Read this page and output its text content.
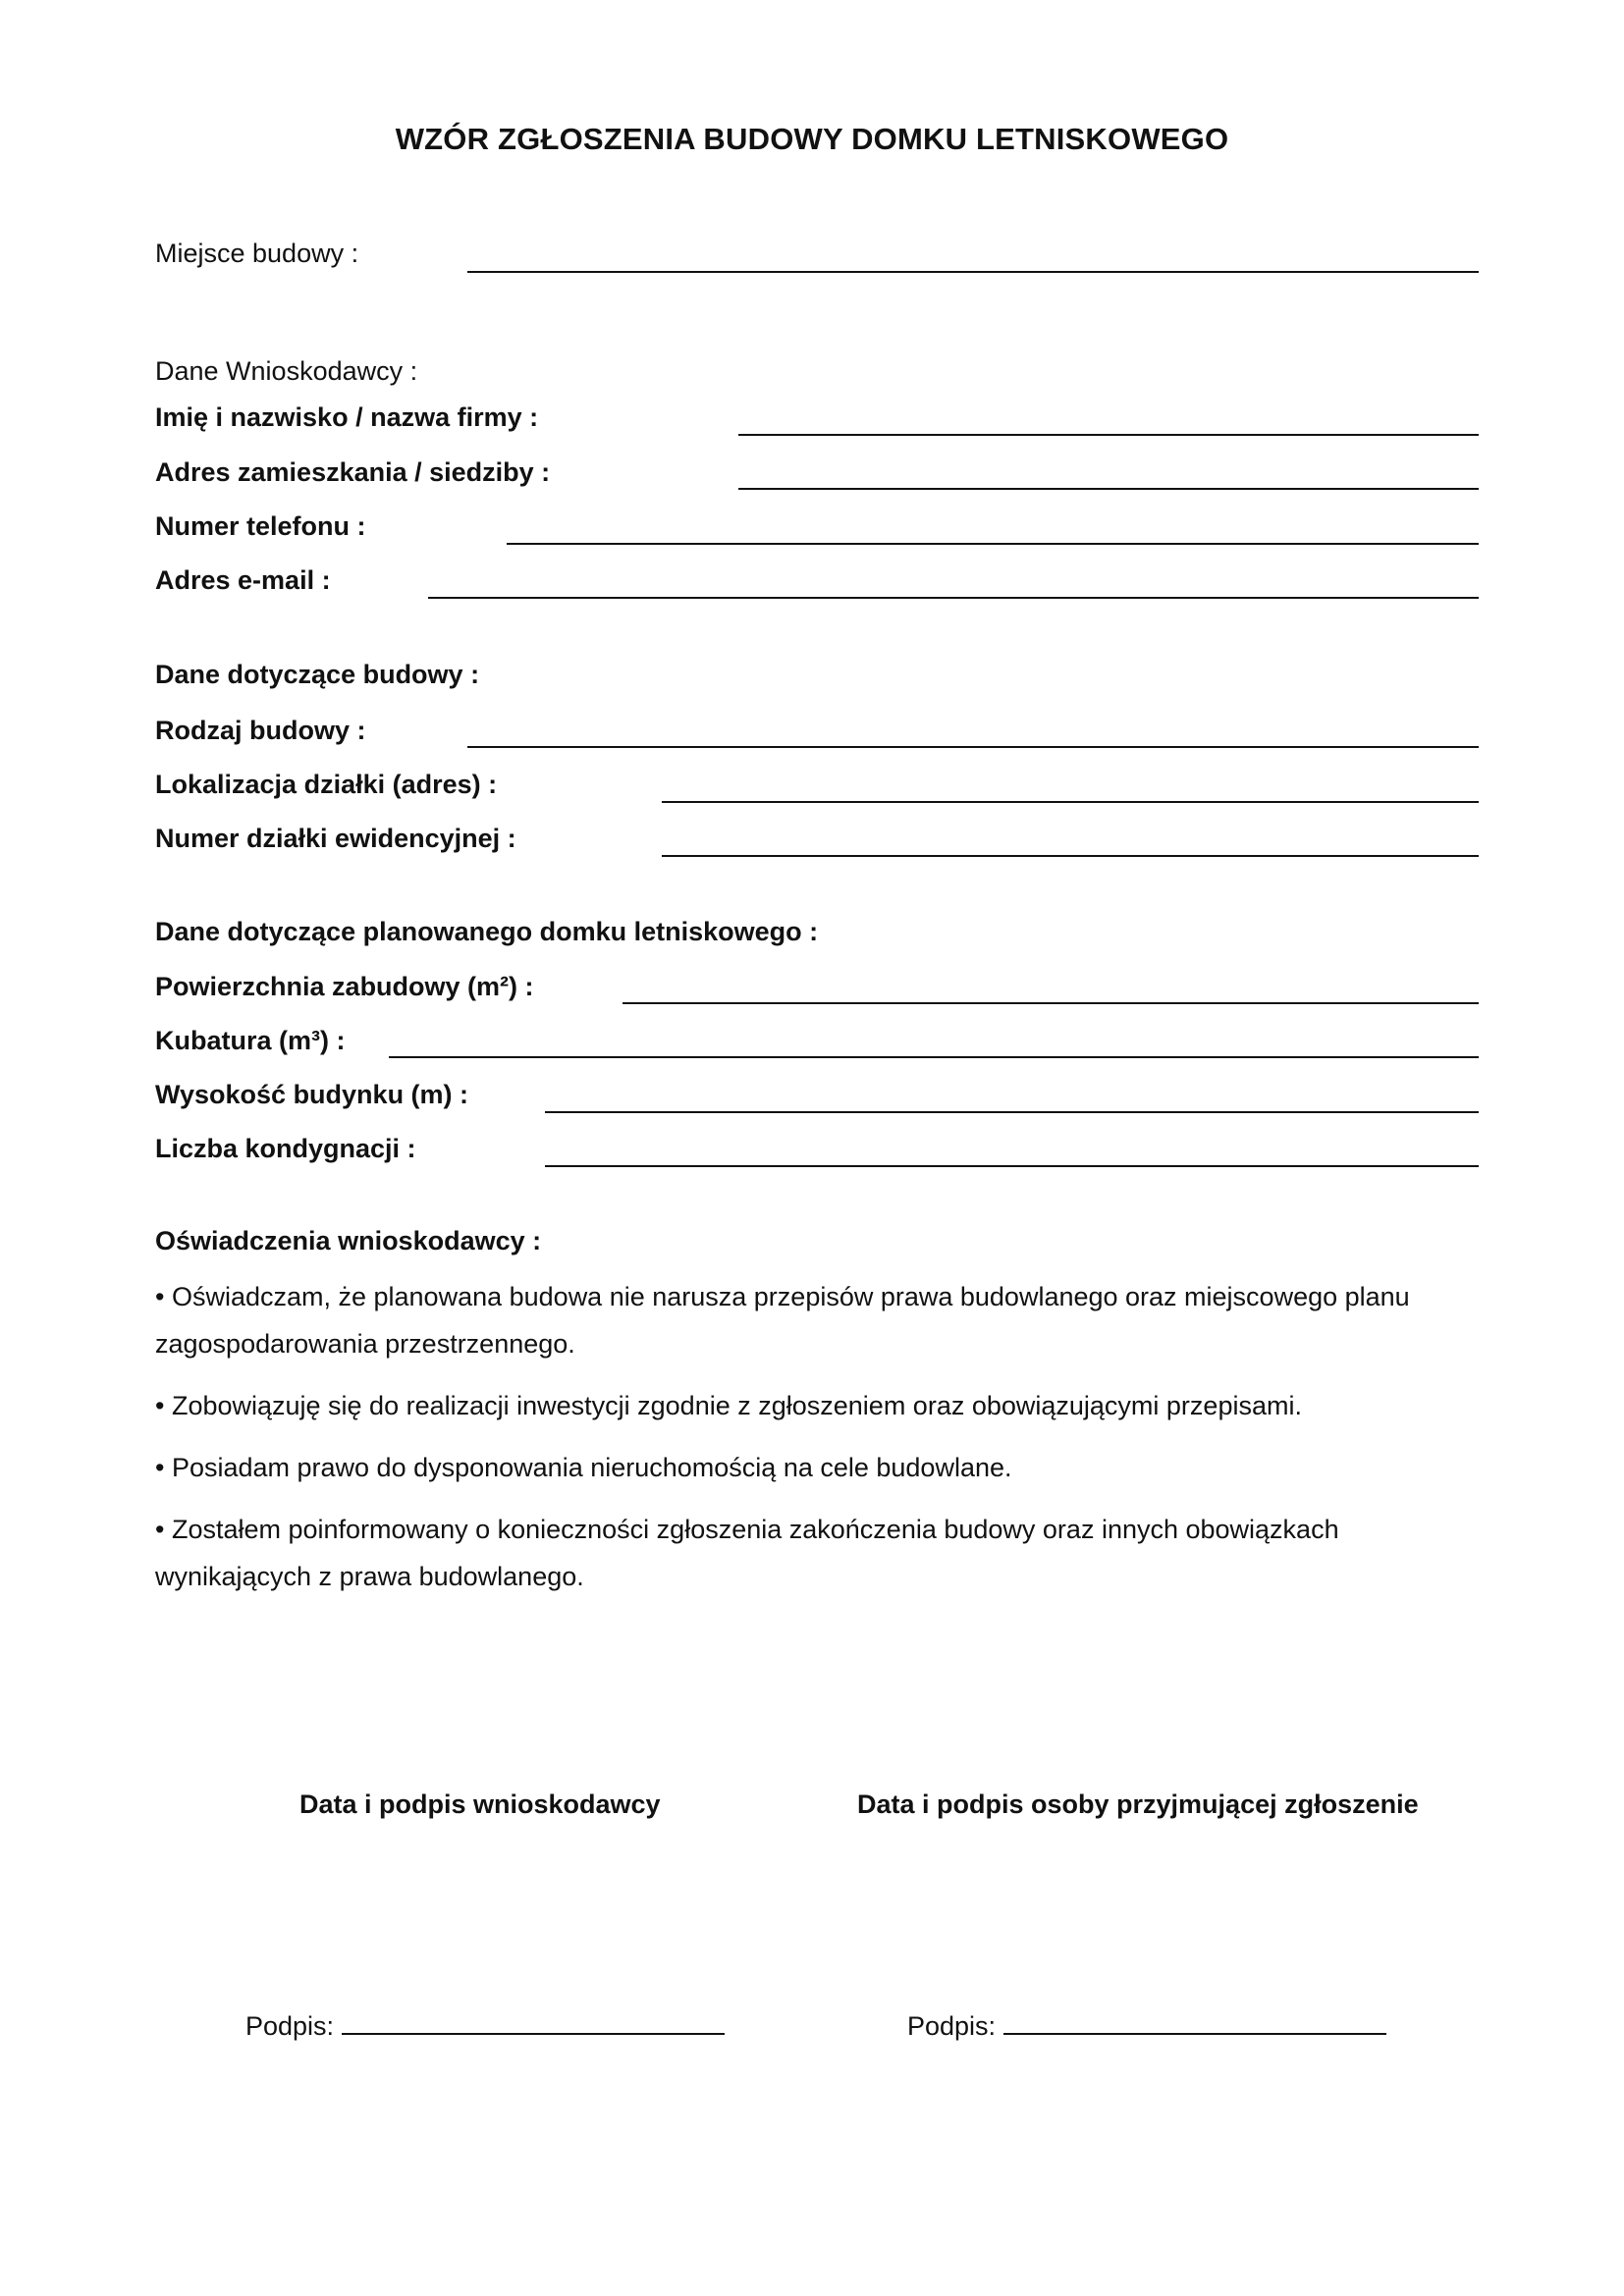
WZÓR ZGŁOSZENIA BUDOWY DOMKU LETNISKOWEGO
Miejsce budowy :
Dane Wnioskodawcy :
Imię i nazwisko / nazwa firmy :
Adres zamieszkania / siedziby :
Numer telefonu :
Adres e-mail :
Dane dotyczące budowy :
Rodzaj budowy :
Lokalizacja działki (adres) :
Numer działki ewidencyjnej :
Dane dotyczące planowanego domku letniskowego :
Powierzchnia zabudowy (m²) :
Kubatura (m³) :
Wysokość budynku (m) :
Liczba kondygnacji :
Oświadczenia wnioskodawcy :
• Oświadczam, że planowana budowa nie narusza przepisów prawa budowlanego oraz miejscowego planu zagospodarowania przestrzennego.
• Zobowiązuję się do realizacji inwestycji zgodnie z zgłoszeniem oraz obowiązującymi przepisami.
• Posiadam prawo do dysponowania nieruchomością na cele budowlane.
• Zostałem poinformowany o konieczności zgłoszenia zakończenia budowy oraz innych obowiązkach wynikających z prawa budowlanego.
Data i podpis wnioskodawcy	Data i podpis osoby przyjmującej zgłoszenie
Podpis:	Podpis:
